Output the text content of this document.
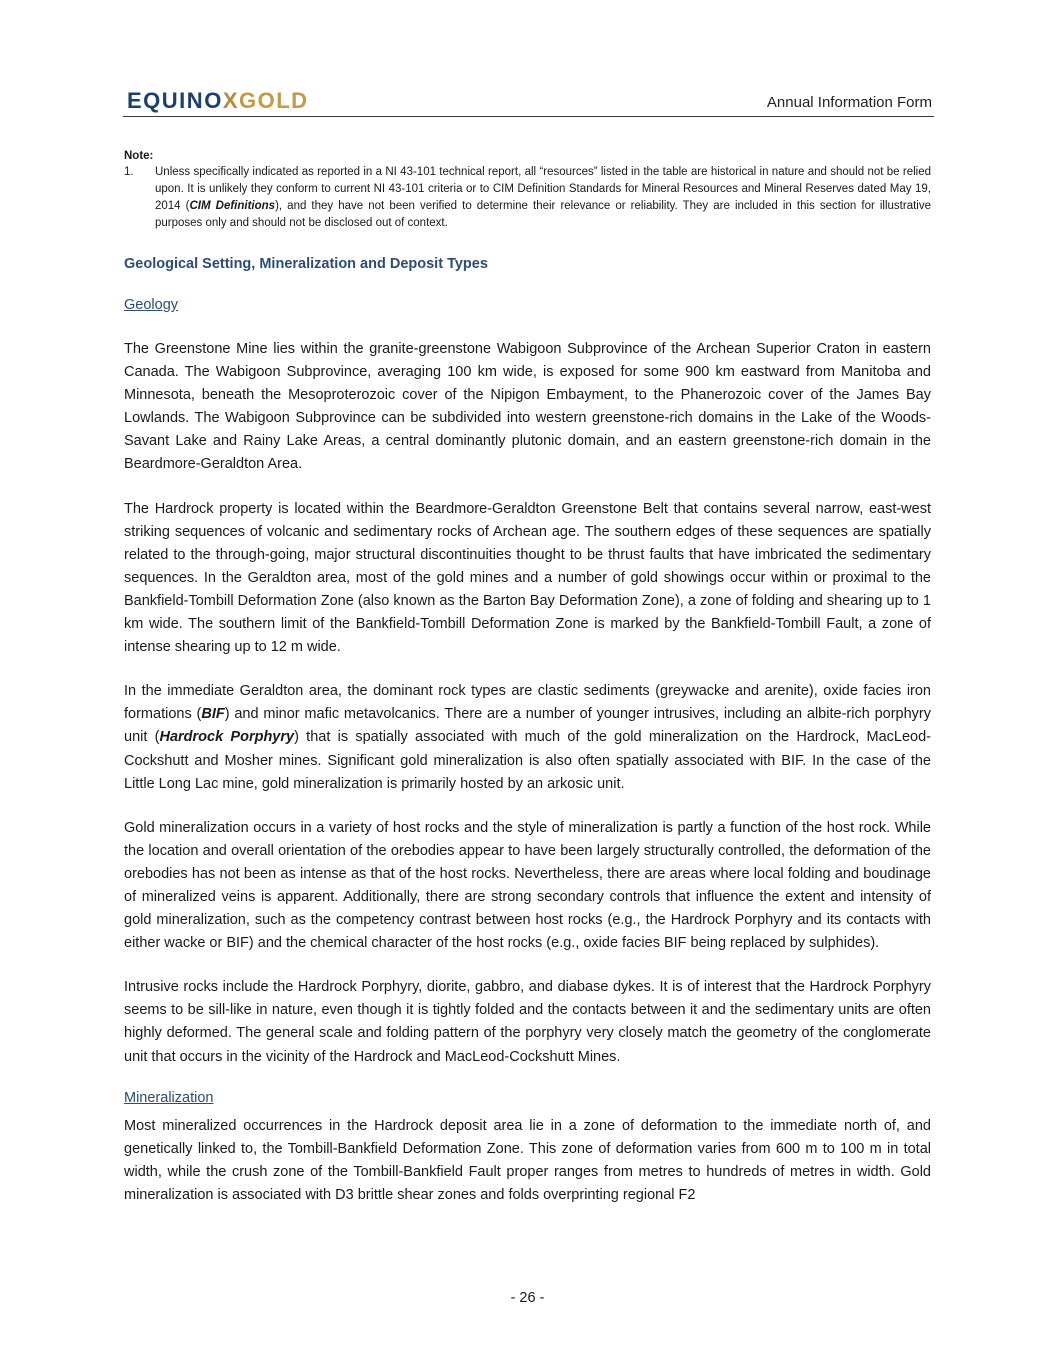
EQUINOXGOLD	Annual Information Form
Note:
1.	Unless specifically indicated as reported in a NI 43-101 technical report, all “resources” listed in the table are historical in nature and should not be relied upon. It is unlikely they conform to current NI 43-101 criteria or to CIM Definition Standards for Mineral Resources and Mineral Reserves dated May 19, 2014 (CIM Definitions), and they have not been verified to determine their relevance or reliability. They are included in this section for illustrative purposes only and should not be disclosed out of context.
Geological Setting, Mineralization and Deposit Types
Geology

The Greenstone Mine lies within the granite-greenstone Wabigoon Subprovince of the Archean Superior Craton in eastern Canada. The Wabigoon Subprovince, averaging 100 km wide, is exposed for some 900 km eastward from Manitoba and Minnesota, beneath the Mesoproterozoic cover of the Nipigon Embayment, to the Phanerozoic cover of the James Bay Lowlands. The Wabigoon Subprovince can be subdivided into western greenstone-rich domains in the Lake of the Woods-Savant Lake and Rainy Lake Areas, a central dominantly plutonic domain, and an eastern greenstone-rich domain in the Beardmore-Geraldton Area.

The Hardrock property is located within the Beardmore-Geraldton Greenstone Belt that contains several narrow, east-west striking sequences of volcanic and sedimentary rocks of Archean age. The southern edges of these sequences are spatially related to the through-going, major structural discontinuities thought to be thrust faults that have imbricated the sedimentary sequences. In the Geraldton area, most of the gold mines and a number of gold showings occur within or proximal to the Bankfield-Tombill Deformation Zone (also known as the Barton Bay Deformation Zone), a zone of folding and shearing up to 1 km wide. The southern limit of the Bankfield-Tombill Deformation Zone is marked by the Bankfield-Tombill Fault, a zone of intense shearing up to 12 m wide.

In the immediate Geraldton area, the dominant rock types are clastic sediments (greywacke and arenite), oxide facies iron formations (BIF) and minor mafic metavolcanics. There are a number of younger intrusives, including an albite-rich porphyry unit (Hardrock Porphyry) that is spatially associated with much of the gold mineralization on the Hardrock, MacLeod-Cockshutt and Mosher mines. Significant gold mineralization is also often spatially associated with BIF. In the case of the Little Long Lac mine, gold mineralization is primarily hosted by an arkosic unit.

Gold mineralization occurs in a variety of host rocks and the style of mineralization is partly a function of the host rock. While the location and overall orientation of the orebodies appear to have been largely structurally controlled, the deformation of the orebodies has not been as intense as that of the host rocks. Nevertheless, there are areas where local folding and boudinage of mineralized veins is apparent. Additionally, there are strong secondary controls that influence the extent and intensity of gold mineralization, such as the competency contrast between host rocks (e.g., the Hardrock Porphyry and its contacts with either wacke or BIF) and the chemical character of the host rocks (e.g., oxide facies BIF being replaced by sulphides).

Intrusive rocks include the Hardrock Porphyry, diorite, gabbro, and diabase dykes. It is of interest that the Hardrock Porphyry seems to be sill-like in nature, even though it is tightly folded and the contacts between it and the sedimentary units are often highly deformed. The general scale and folding pattern of the porphyry very closely match the geometry of the conglomerate unit that occurs in the vicinity of the Hardrock and MacLeod-Cockshutt Mines.

Mineralization

Most mineralized occurrences in the Hardrock deposit area lie in a zone of deformation to the immediate north of, and genetically linked to, the Tombill-Bankfield Deformation Zone. This zone of deformation varies from 600 m to 100 m in total width, while the crush zone of the Tombill-Bankfield Fault proper ranges from metres to hundreds of metres in width. Gold mineralization is associated with D3 brittle shear zones and folds overprinting regional F2

- 26 -
